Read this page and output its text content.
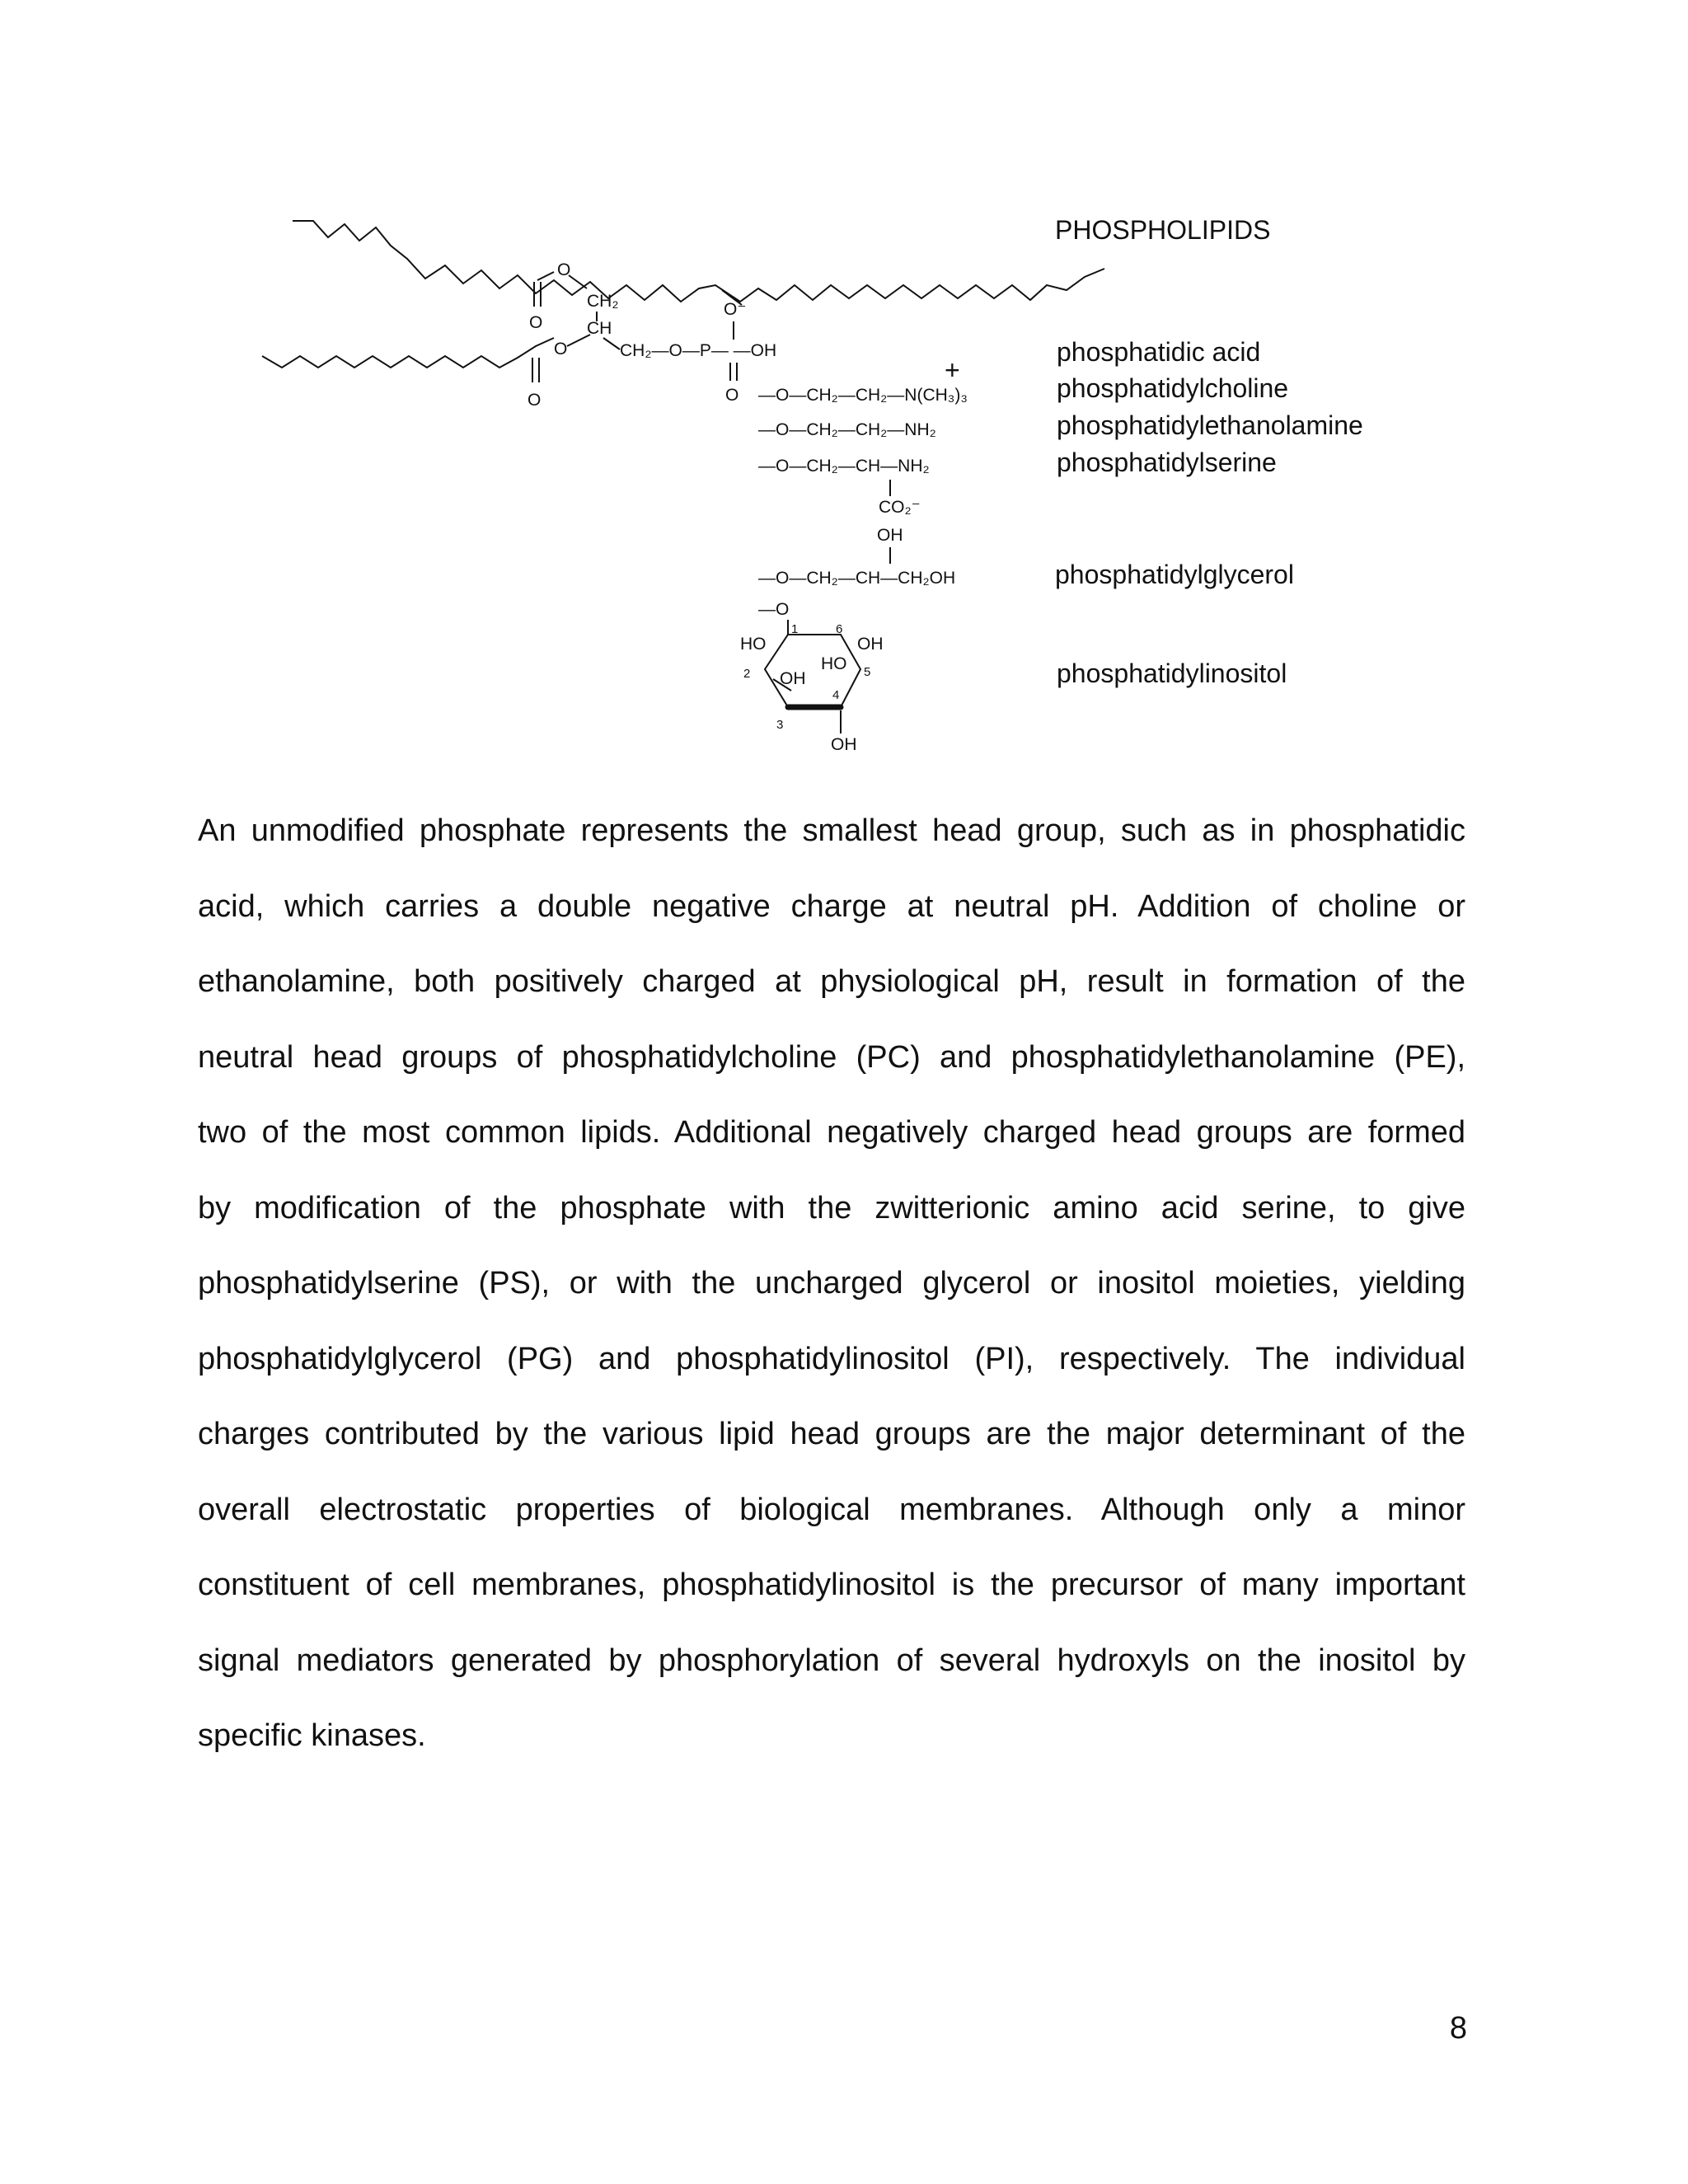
O
O
CH₂
CH
O
O
O⁻
CH₂—O—P— —OH
O
+
—O—CH₂—CH₂—N(CH₃)₃
—O—CH₂—CH₂—NH₂
—O—CH₂—CH—NH₂
CO₂⁻
OH
—O—CH₂—CH—CH₂OH
—O
1	6
HO	OH
2 OH
HO 5
4
3
OH
PHOSPHOLIPIDS
phosphatidic acid
phosphatidylcholine
phosphatidylethanolamine
phosphatidylserine
phosphatidylglycerol
phosphatidylinositol
An unmodified phosphate represents the smallest head group, such as in phosphatidic
acid, which carries a double negative charge at neutral pH. Addition of choline or
ethanolamine, both positively charged at physiological pH, result in formation of the
neutral head groups of phosphatidylcholine (PC) and phosphatidylethanolamine (PE),
two of the most common lipids. Additional negatively charged head groups are formed
by modification of the phosphate with the zwitterionic amino acid serine, to give
phosphatidylserine (PS), or with the uncharged glycerol or inositol moieties, yielding
phosphatidylglycerol (PG) and phosphatidylinositol (PI), respectively. The individual
charges contributed by the various lipid head groups are the major determinant of the
overall electrostatic properties of biological membranes. Although only a minor
constituent of cell membranes, phosphatidylinositol is the precursor of many important
signal mediators generated by phosphorylation of several hydroxyls on the inositol by
specific kinases.
8
